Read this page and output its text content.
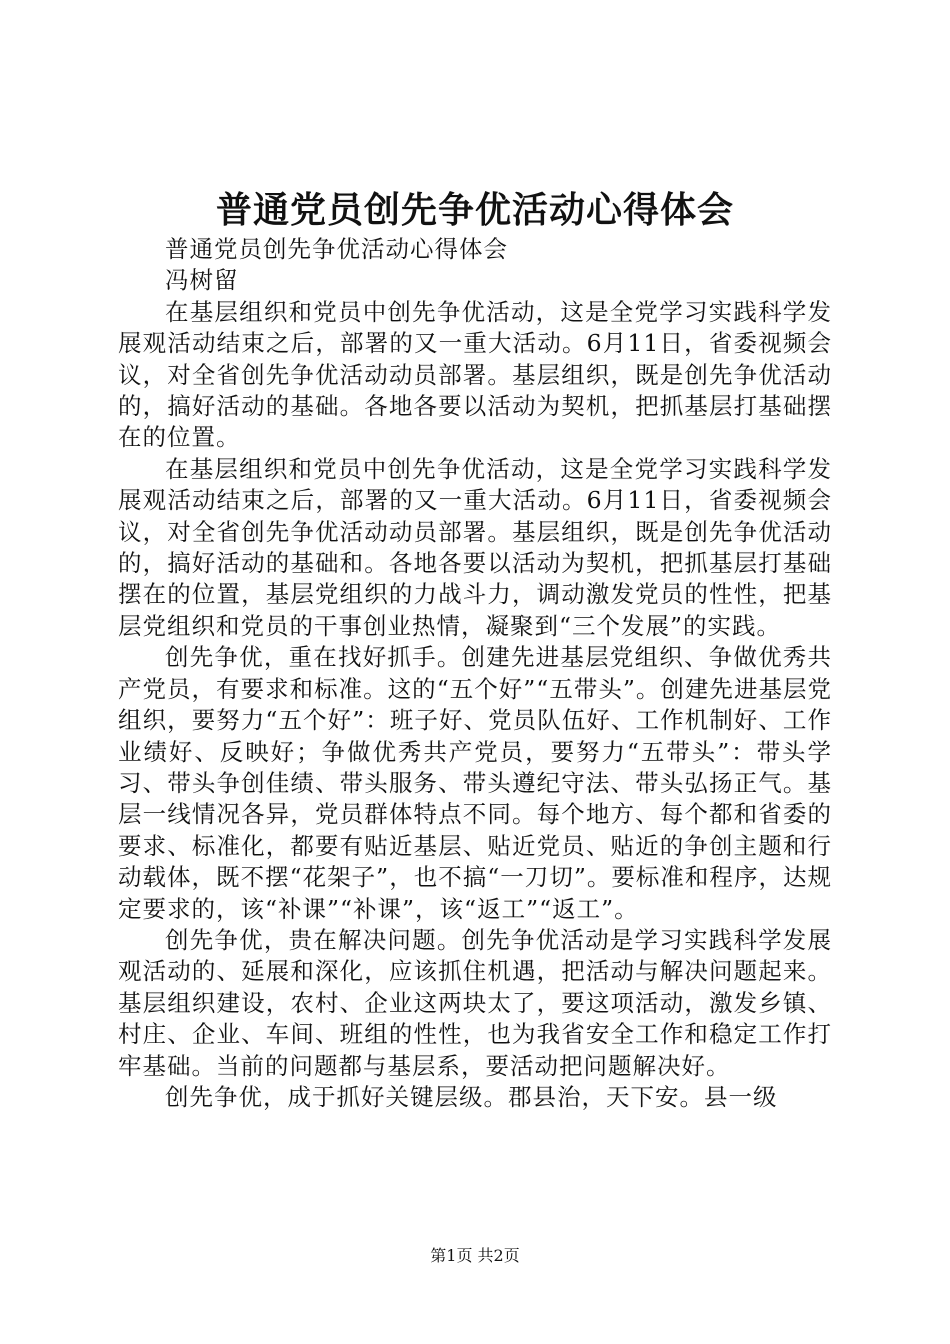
普通党员创先争优活动心得体会

普通党员创先争优活动心得体会

冯树留

在基层组织和党员中创先争优活动，这是全党学习实践科学发展观活动结束之后，部署的又一重大活动。6月11日，省委视频会议，对全省创先争优活动动员部署。基层组织，既是创先争优活动的，搞好活动的基础。各地各要以活动为契机，把抓基层打基础摆在的位置。

在基层组织和党员中创先争优活动，这是全党学习实践科学发展观活动结束之后，部署的又一重大活动。6月11日，省委视频会议，对全省创先争优活动动员部署。基层组织，既是创先争优活动的，搞好活动的基础和。各地各要以活动为契机，把抓基层打基础摆在的位置，基层党组织的力战斗力，调动激发党员的性性，把基层党组织和党员的干事创业热情，凝聚到“三个发展”的实践。

创先争优，重在找好抓手。创建先进基层党组织、争做优秀共产党员，有要求和标准。这的“五个好”“五带头”。创建先进基层党组织，要努力“五个好”：班子好、党员队伍好、工作机制好、工作业绩好、反映好；争做优秀共产党员，要努力“五带头”：带头学习、带头争创佳绩、带头服务、带头遵纪守法、带头弘扬正气。基层一线情况各异，党员群体特点不同。每个地方、每个都和省委的要求、标准化，都要有贴近基层、贴近党员、贴近的争创主题和行动载体，既不摆“花架子”，也不搞“一刀切”。要标准和程序，达规定要求的，该“补课”“补课”，该“返工”“返工”。

创先争优，贵在解决问题。创先争优活动是学习实践科学发展观活动的、延展和深化，应该抓住机遇，把活动与解决问题起来。基层组织建设，农村、企业这两块太了，要这项活动，激发乡镇、村庄、企业、车间、班组的性性，也为我省安全工作和稳定工作打牢基础。当前的问题都与基层系，要活动把问题解决好。

创先争优，成于抓好关键层级。郡县治，天下安。县一级

第1页 共2页
